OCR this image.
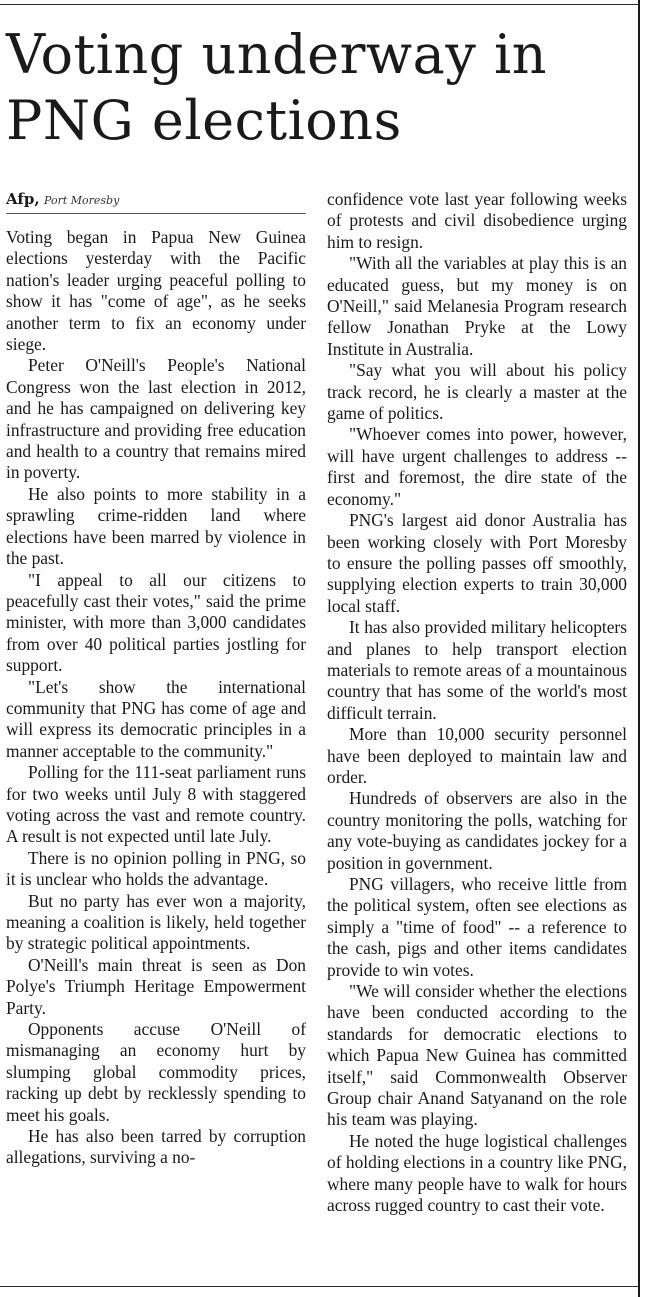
Voting underway in PNG elections
Afp, Port Moresby

Voting began in Papua New Guinea elections yesterday with the Pacific nation's leader urging peaceful polling to show it has "come of age", as he seeks another term to fix an economy under siege.

Peter O'Neill's People's National Congress won the last election in 2012, and he has campaigned on delivering key infrastructure and providing free education and health to a country that remains mired in poverty.

He also points to more stability in a sprawling crime-ridden land where elections have been marred by violence in the past.

"I appeal to all our citizens to peacefully cast their votes," said the prime minister, with more than 3,000 candidates from over 40 political parties jostling for support.

"Let's show the international community that PNG has come of age and will express its democratic principles in a manner acceptable to the community."

Polling for the 111-seat parliament runs for two weeks until July 8 with staggered voting across the vast and remote country. A result is not expected until late July.

There is no opinion polling in PNG, so it is unclear who holds the advantage.

But no party has ever won a majority, meaning a coalition is likely, held together by strategic political appointments.

O'Neill's main threat is seen as Don Polye's Triumph Heritage Empowerment Party.

Opponents accuse O'Neill of mismanaging an economy hurt by slumping global commodity prices, racking up debt by recklessly spending to meet his goals.

He has also been tarred by corruption allegations, surviving a no-

confidence vote last year following weeks of protests and civil disobedience urging him to resign.

"With all the variables at play this is an educated guess, but my money is on O'Neill," said Melanesia Program research fellow Jonathan Pryke at the Lowy Institute in Australia.

"Say what you will about his policy track record, he is clearly a master at the game of politics.

"Whoever comes into power, however, will have urgent challenges to address -- first and foremost, the dire state of the economy."

PNG's largest aid donor Australia has been working closely with Port Moresby to ensure the polling passes off smoothly, supplying election experts to train 30,000 local staff.

It has also provided military helicopters and planes to help transport election materials to remote areas of a mountainous country that has some of the world's most difficult terrain.

More than 10,000 security personnel have been deployed to maintain law and order.

Hundreds of observers are also in the country monitoring the polls, watching for any vote-buying as candidates jockey for a position in government.

PNG villagers, who receive little from the political system, often see elections as simply a "time of food" -- a reference to the cash, pigs and other items candidates provide to win votes.

"We will consider whether the elections have been conducted according to the standards for democratic elections to which Papua New Guinea has committed itself," said Commonwealth Observer Group chair Anand Satyanand on the role his team was playing.

He noted the huge logistical challenges of holding elections in a country like PNG, where many people have to walk for hours across rugged country to cast their vote.
